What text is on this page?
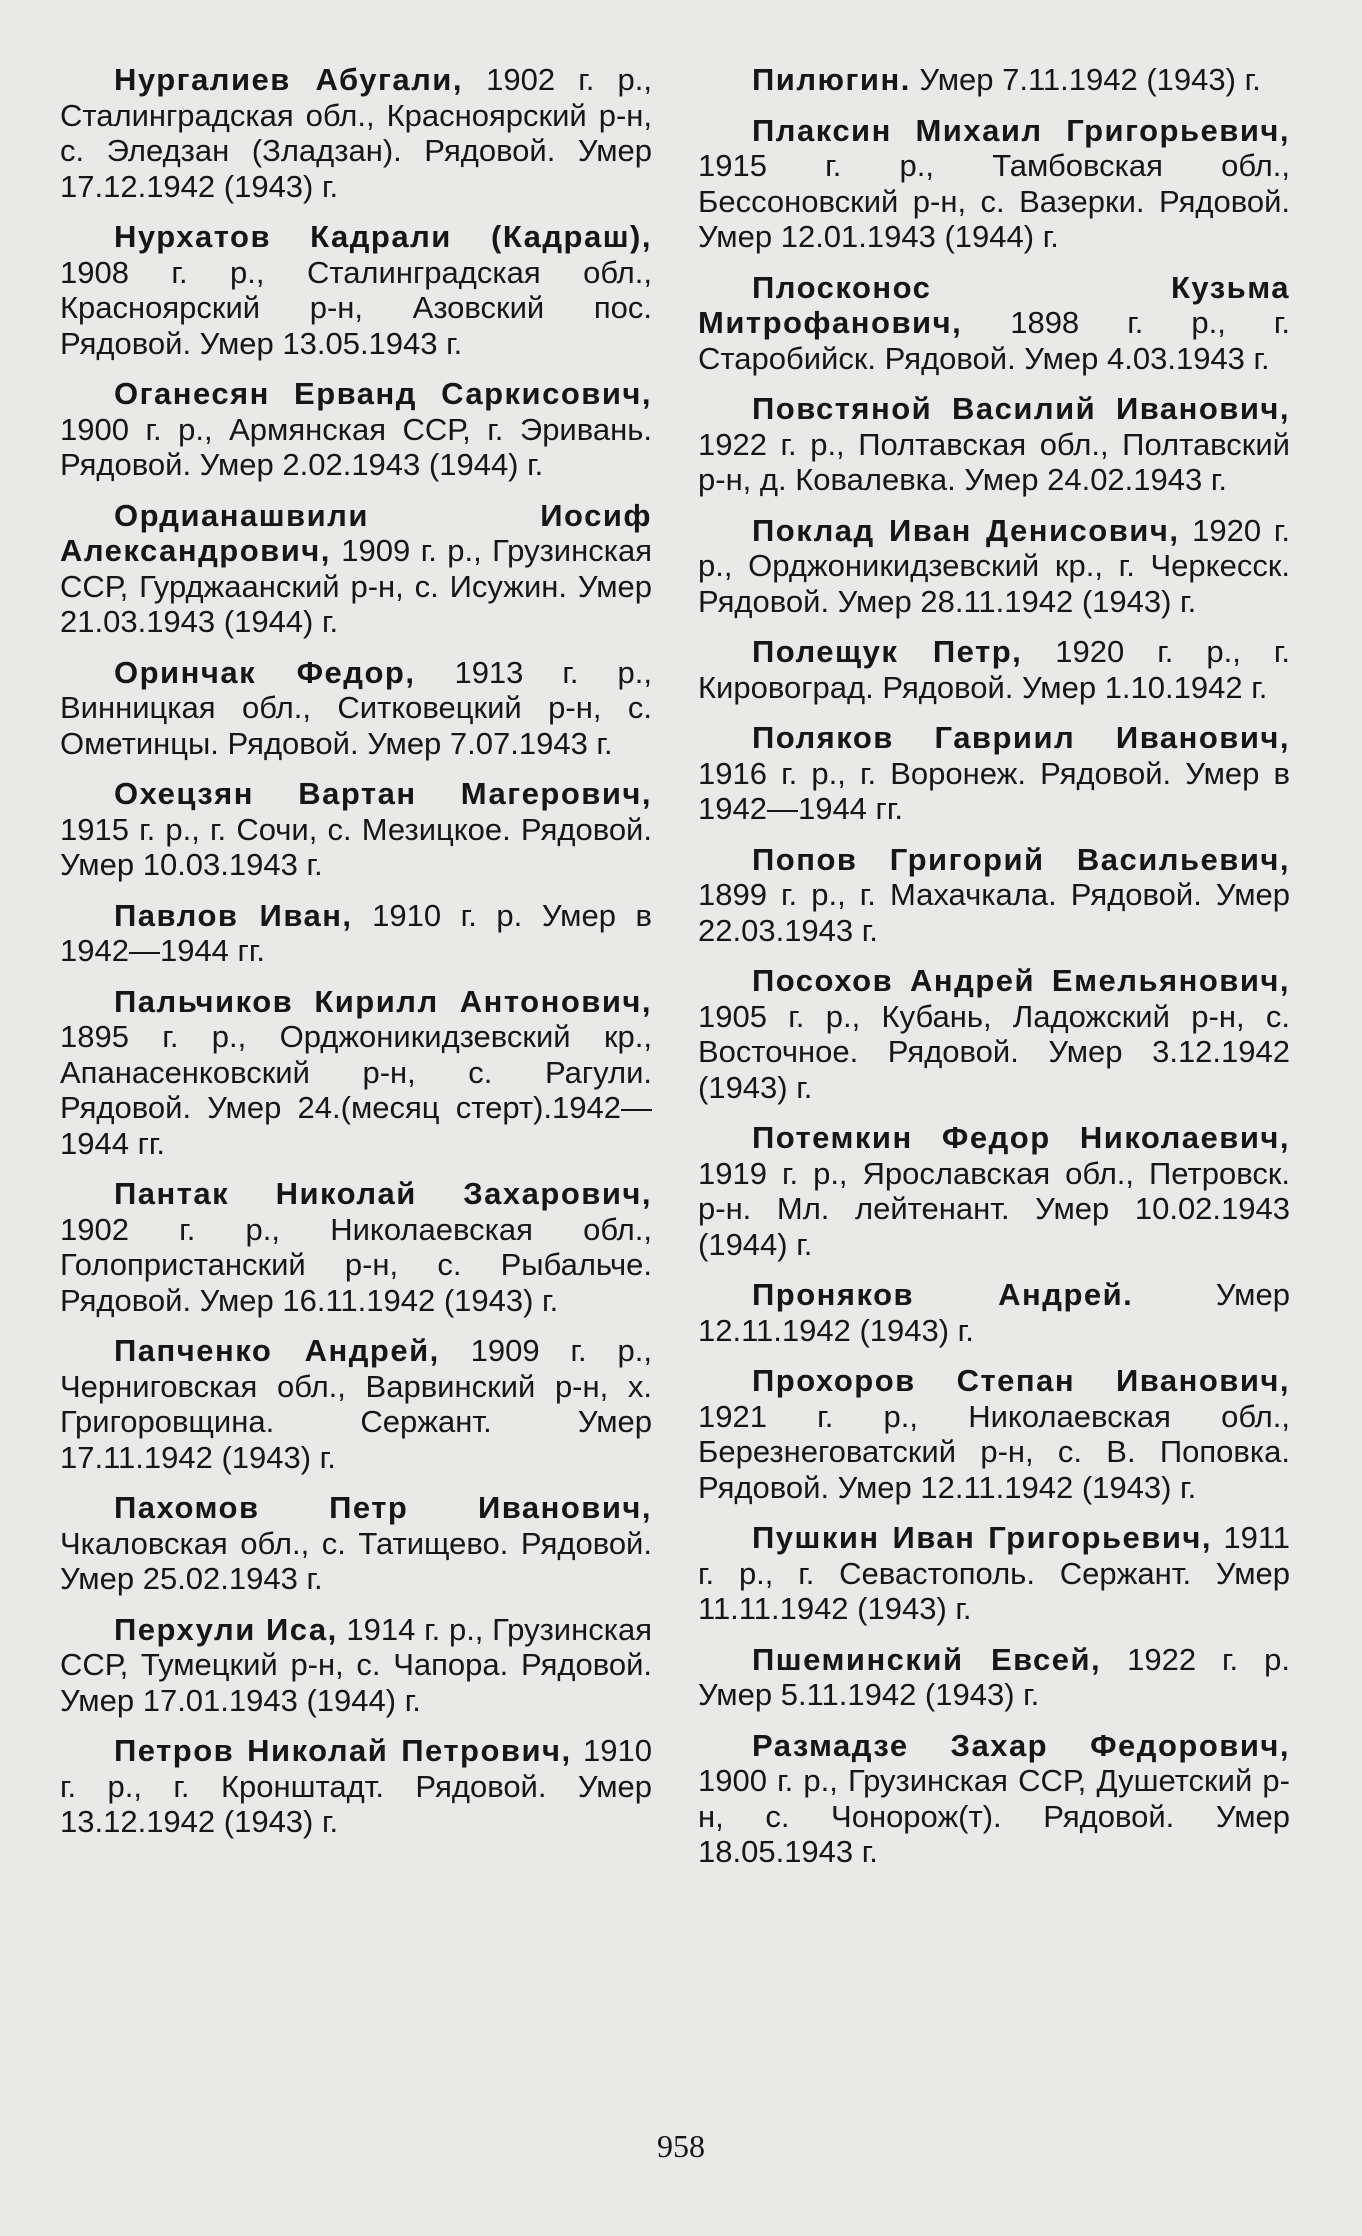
Нургалиев Абугали, 1902 г. р., Сталинградская обл., Красноярский р-н, с. Эледзан (Зладзан). Рядовой. Умер 17.12.1942 (1943) г.

Нурхатов Кадрали (Кадраш), 1908 г. р., Сталинградская обл., Красноярский р-н, Азовский пос. Рядовой. Умер 13.05.1943 г.

Оганесян Ерванд Саркисович, 1900 г. р., Армянская ССР, г. Эривань. Рядовой. Умер 2.02.1943 (1944) г.

Ордианашвили Иосиф Александрович, 1909 г. р., Грузинская ССР, Гурджаанский р-н, с. Исужин. Умер 21.03.1943 (1944) г.

Оринчак Федор, 1913 г. р., Винницкая обл., Ситковецкий р-н, с. Ометинцы. Рядовой. Умер 7.07.1943 г.

Охецзян Вартан Магерович, 1915 г. р., г. Сочи, с. Мезицкое. Рядовой. Умер 10.03.1943 г.

Павлов Иван, 1910 г. р. Умер в 1942—1944 гг.

Пальчиков Кирилл Антонович, 1895 г. р., Орджоникидзевский кр., Апанасенковский р-н, с. Рагули. Рядовой. Умер 24.(месяц стерт).1942—1944 гг.

Пантак Николай Захарович, 1902 г. р., Николаевская обл., Голопристанский р-н, с. Рыбальче. Рядовой. Умер 16.11.1942 (1943) г.

Папченко Андрей, 1909 г. р., Черниговская обл., Варвинский р-н, х. Григоровщина. Сержант. Умер 17.11.1942 (1943) г.

Пахомов Петр Иванович, Чкаловская обл., с. Татищево. Рядовой. Умер 25.02.1943 г.

Перхули Иса, 1914 г. р., Грузинская ССР, Тумецкий р-н, с. Чапора. Рядовой. Умер 17.01.1943 (1944) г.

Петров Николай Петрович, 1910 г. р., г. Кронштадт. Рядовой. Умер 13.12.1942 (1943) г.

Пилюгин. Умер 7.11.1942 (1943) г.

Плаксин Михаил Григорьевич, 1915 г. р., Тамбовская обл., Бессоновский р-н, с. Вазерки. Рядовой. Умер 12.01.1943 (1944) г.

Плосконос Кузьма Митрофанович, 1898 г. р., г. Старобийск. Рядовой. Умер 4.03.1943 г.

Повстяной Василий Иванович, 1922 г. р., Полтавская обл., Полтавский р-н, д. Ковалевка. Умер 24.02.1943 г.

Поклад Иван Денисович, 1920 г. р., Орджоникидзевский кр., г. Черкесск. Рядовой. Умер 28.11.1942 (1943) г.

Полещук Петр, 1920 г. р., г. Кировоград. Рядовой. Умер 1.10.1942 г.

Поляков Гавриил Иванович, 1916 г. р., г. Воронеж. Рядовой. Умер в 1942—1944 гг.

Попов Григорий Васильевич, 1899 г. р., г. Махачкала. Рядовой. Умер 22.03.1943 г.

Посохов Андрей Емельянович, 1905 г. р., Кубань, Ладожский р-н, с. Восточное. Рядовой. Умер 3.12.1942 (1943) г.

Потемкин Федор Николаевич, 1919 г. р., Ярославская обл., Петровск. р-н. Мл. лейтенант. Умер 10.02.1943 (1944) г.

Проняков Андрей. Умер 12.11.1942 (1943) г.

Прохоров Степан Иванович, 1921 г. р., Николаевская обл., Березнеговатский р-н, с. В. Поповка. Рядовой. Умер 12.11.1942 (1943) г.

Пушкин Иван Григорьевич, 1911 г. р., г. Севастополь. Сержант. Умер 11.11.1942 (1943) г.

Пшеминский Евсей, 1922 г. р. Умер 5.11.1942 (1943) г.

Размадзе Захар Федорович, 1900 г. р., Грузинская ССР, Душетский р-н, с. Чонорож(т). Рядовой. Умер 18.05.1943 г.

958
